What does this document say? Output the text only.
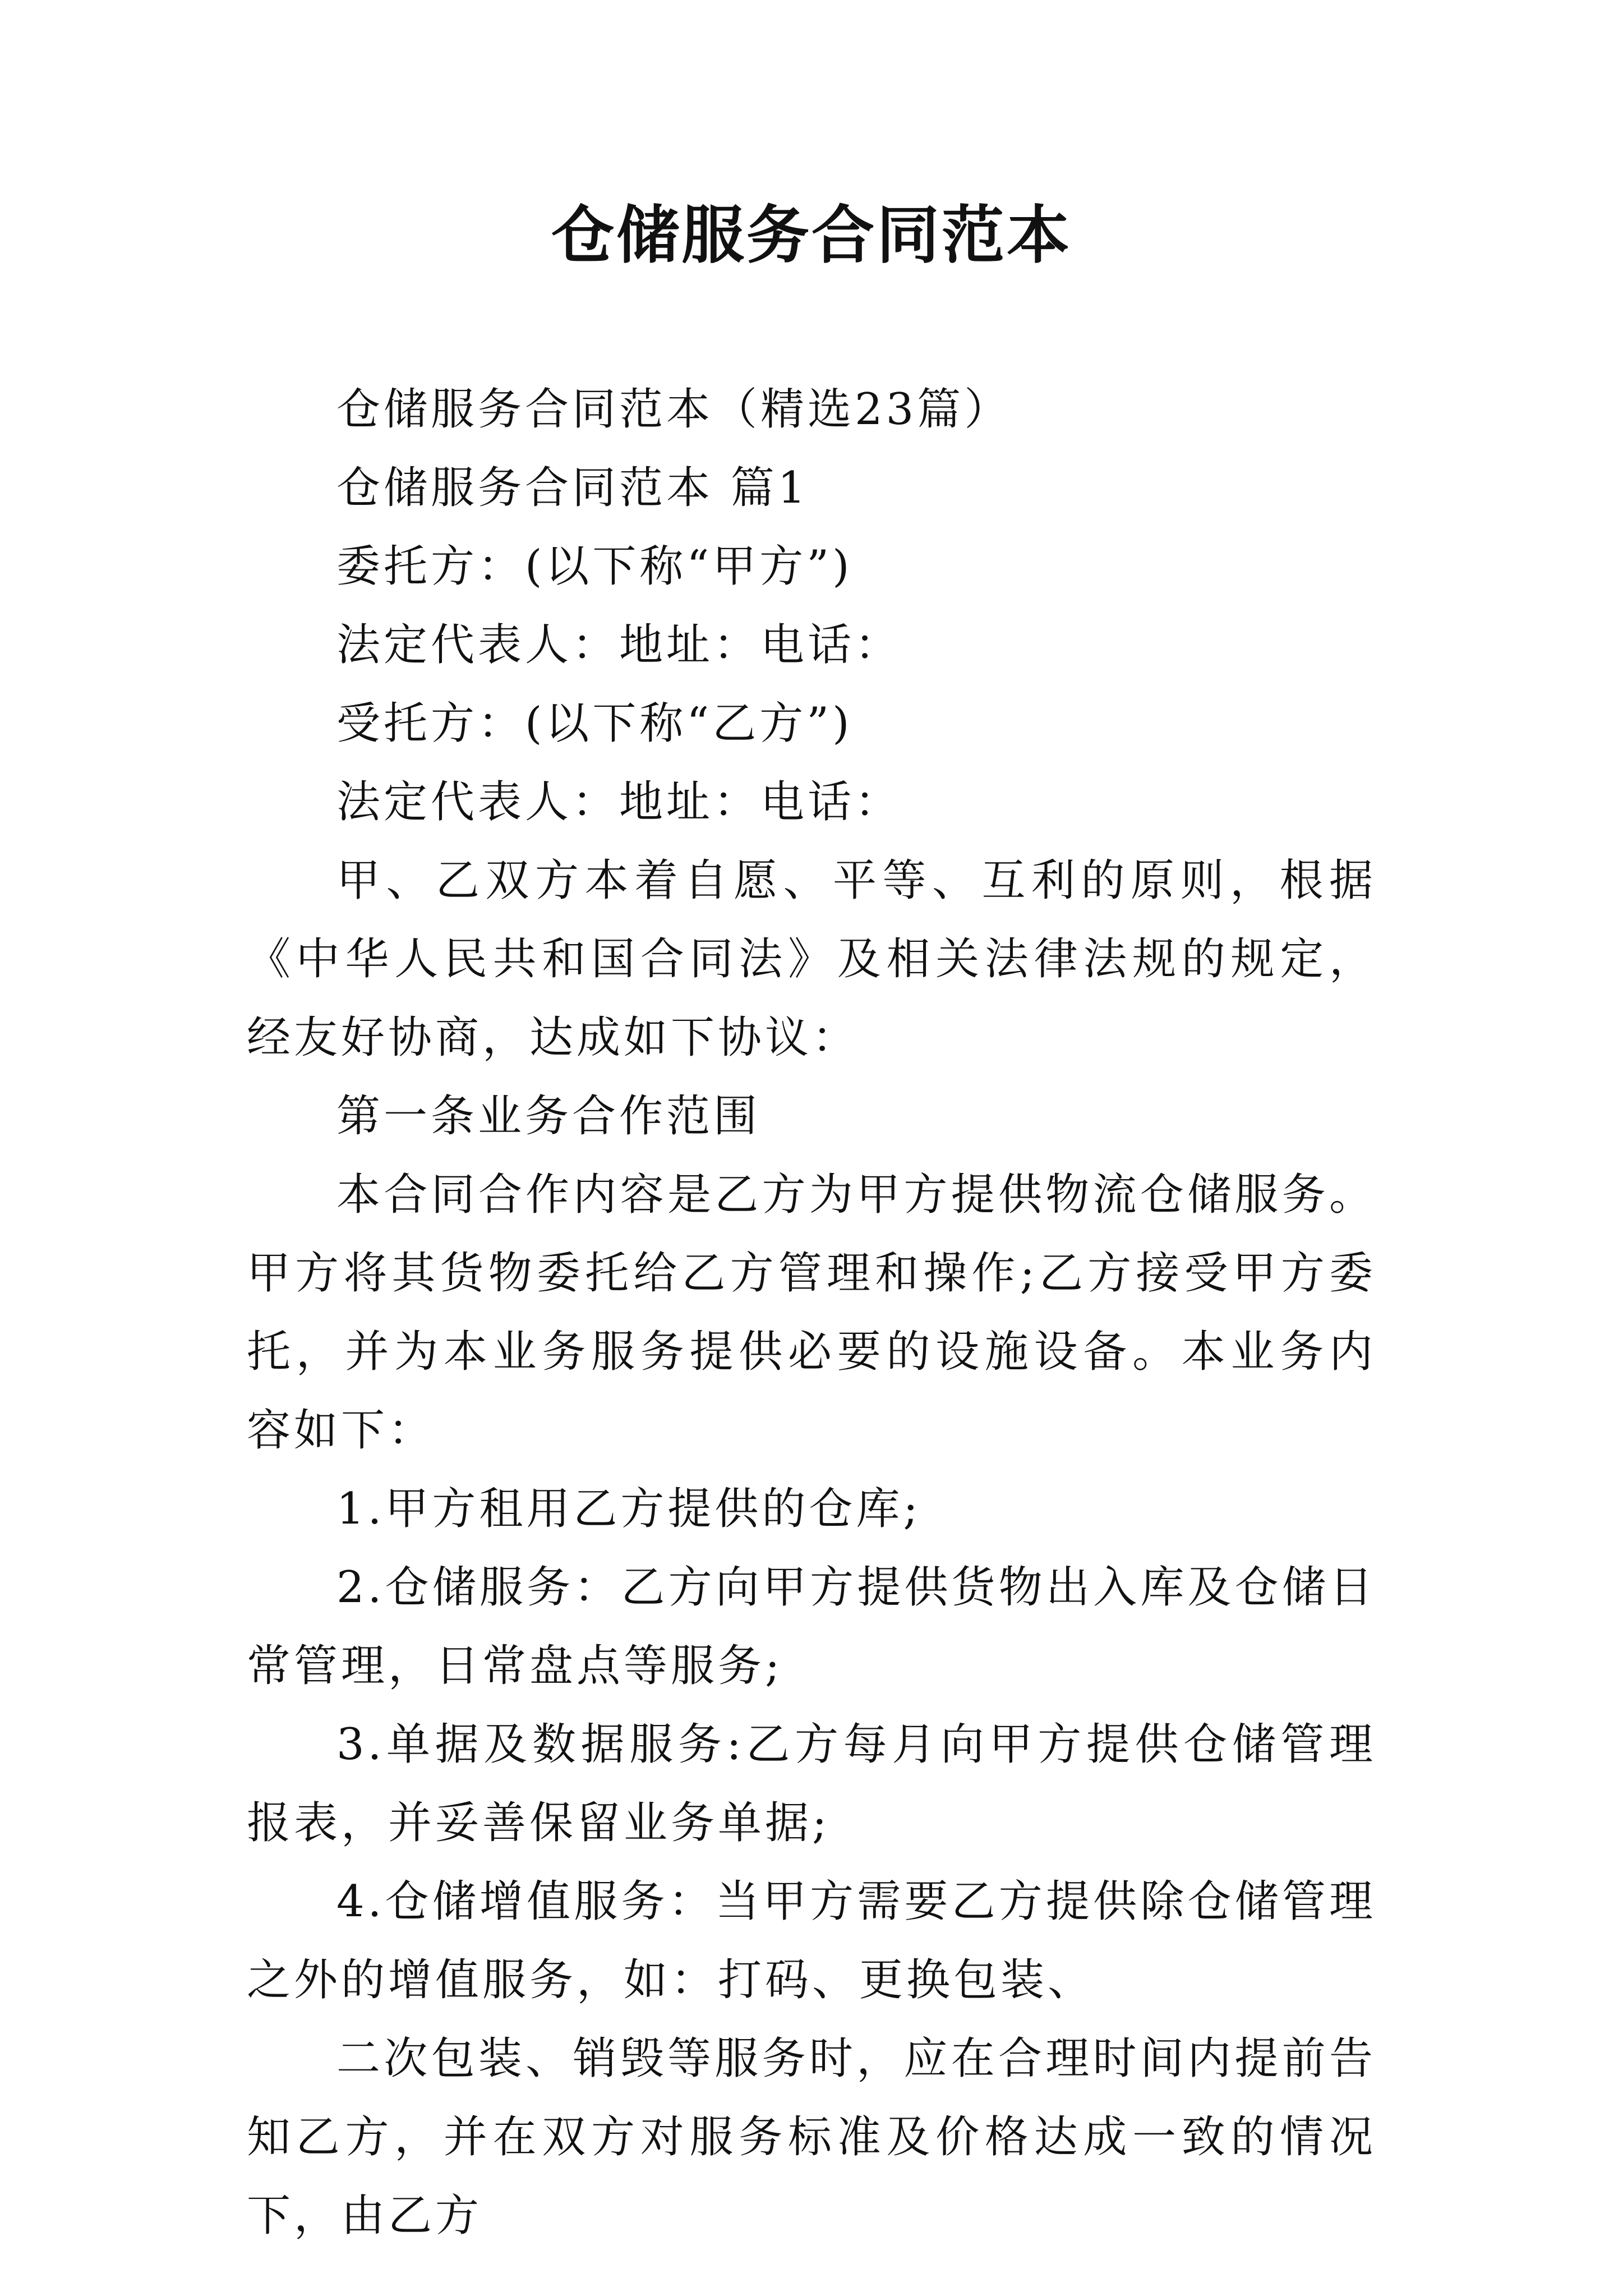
仓储服务合同范本

仓储服务合同范本（精选23篇）

仓储服务合同范本 篇1

委托方：(以下称“甲方”)

法定代表人：地址：电话：

受托方：(以下称“乙方”)

法定代表人：地址：电话：

甲、乙双方本着自愿、平等、互利的原则，根据《中华人民共和国合同法》及相关法律法规的规定，经友好协商，达成如下协议：

第一条业务合作范围

本合同合作内容是乙方为甲方提供物流仓储服务。甲方将其货物委托给乙方管理和操作;乙方接受甲方委托，并为本业务服务提供必要的设施设备。本业务内容如下：

1.甲方租用乙方提供的仓库;

2.仓储服务：乙方向甲方提供货物出入库及仓储日常管理，日常盘点等服务;

3.单据及数据服务:乙方每月向甲方提供仓储管理报表，并妥善保留业务单据;

4.仓储增值服务：当甲方需要乙方提供除仓储管理之外的增值服务，如：打码、更换包装、

二次包装、销毁等服务时，应在合理时间内提前告知乙方，并在双方对服务标准及价格达成一致的情况下，由乙方
